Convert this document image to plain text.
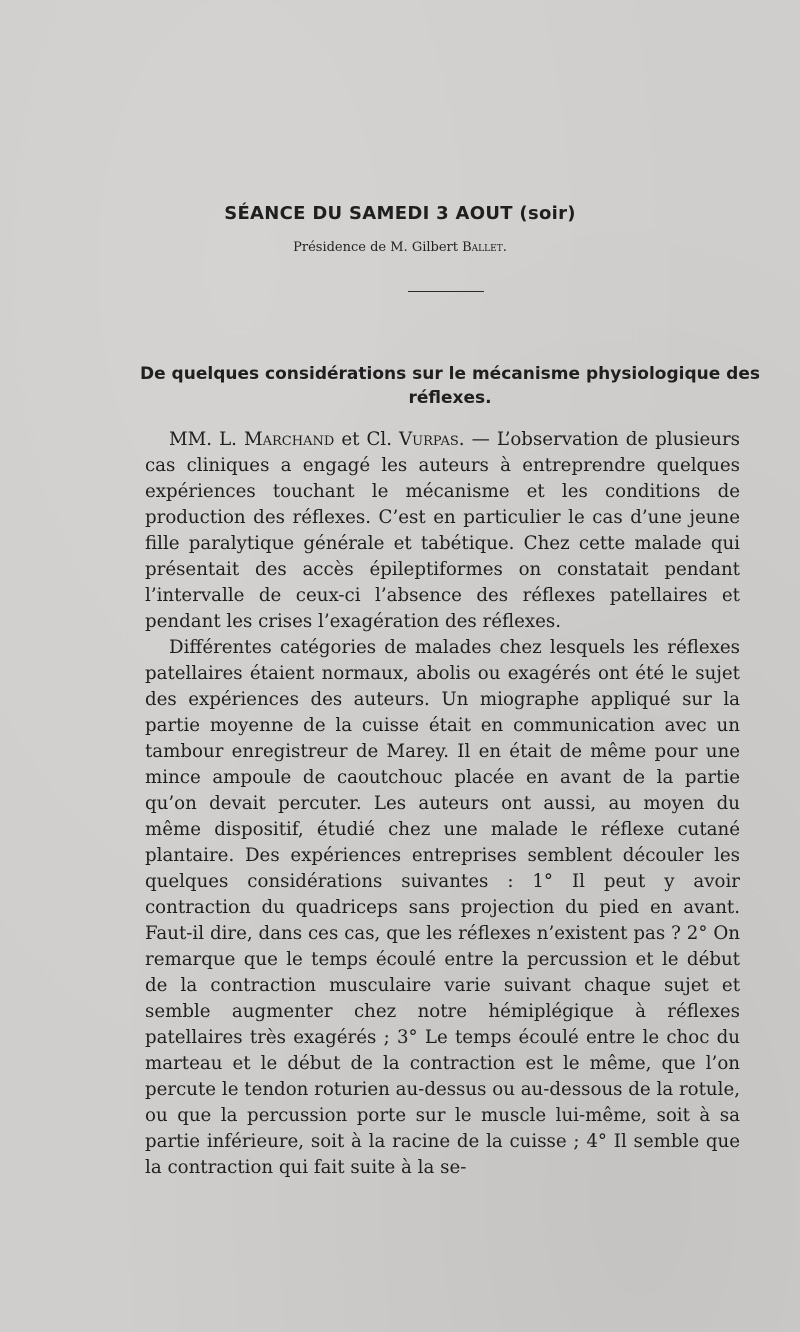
SÉANCE DU SAMEDI 3 AOUT (soir)

Présidence de M. Gilbert Ballet.

De quelques considérations sur le mécanisme physiologique des réflexes.

MM. L. Marchand et Cl. Vurpas. — L’observation de plusieurs cas cliniques a engagé les auteurs à entreprendre quelques expériences touchant le mécanisme et les conditions de production des réflexes. C’est en particulier le cas d’une jeune fille paralytique générale et tabétique. Chez cette malade qui présentait des accès épileptiformes on constatait pendant l’intervalle de ceux-ci l’absence des réflexes patellaires et pendant les crises l’exagération des réflexes.

Différentes catégories de malades chez lesquels les réflexes patellaires étaient normaux, abolis ou exagérés ont été le sujet des expériences des auteurs. Un miographe appliqué sur la partie moyenne de la cuisse était en communication avec un tambour enregistreur de Marey. Il en était de même pour une mince ampoule de caoutchouc placée en avant de la partie qu’on devait percuter. Les auteurs ont aussi, au moyen du même dispositif, étudié chez une malade le réflexe cutané plantaire. Des expériences entreprises semblent découler les quelques considérations suivantes : 1° Il peut y avoir contraction du quadriceps sans projection du pied en avant. Faut-il dire, dans ces cas, que les réflexes n’existent pas ? 2° On remarque que le temps écoulé entre la percussion et le début de la contraction musculaire varie suivant chaque sujet et semble augmenter chez notre hémiplégique à réflexes patellaires très exagérés ; 3° Le temps écoulé entre le choc du marteau et le début de la contraction est le même, que l’on percute le tendon roturien au-dessus ou au-dessous de la rotule, ou que la percussion porte sur le muscle lui-même, soit à sa partie inférieure, soit à la racine de la cuisse ; 4° Il semble que la contraction qui fait suite à la se-
